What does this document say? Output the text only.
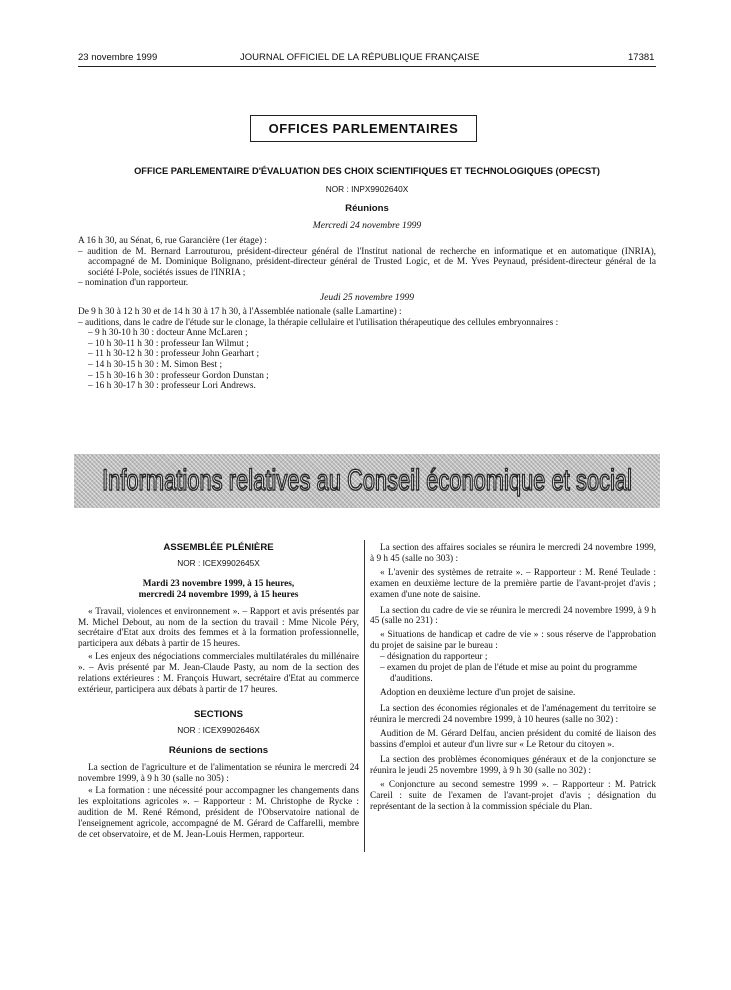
23 novembre 1999	JOURNAL OFFICIEL DE LA RÉPUBLIQUE FRANÇAISE	17381
OFFICES PARLEMENTAIRES
OFFICE PARLEMENTAIRE D'ÉVALUATION DES CHOIX SCIENTIFIQUES ET TECHNOLOGIQUES (OPECST)
NOR : INPX9902640X
Réunions
Mercredi 24 novembre 1999

A 16 h 30, au Sénat, 6, rue Garancière (1er étage) :

– audition de M. Bernard Larrouturou, président-directeur général de l'Institut national de recherche en informatique et en automatique (INRIA), accompagné de M. Dominique Bolignano, président-directeur général de Trusted Logic, et de M. Yves Peynaud, président-directeur général de la société I-Pole, sociétés issues de l'INRIA ;

– nomination d'un rapporteur.

Jeudi 25 novembre 1999

De 9 h 30 à 12 h 30 et de 14 h 30 à 17 h 30, à l'Assemblée nationale (salle Lamartine) :

– auditions, dans le cadre de l'étude sur le clonage, la thérapie cellulaire et l'utilisation thérapeutique des cellules embryonnaires :

– 9 h 30-10 h 30 : docteur Anne McLaren ;

– 10 h 30-11 h 30 : professeur Ian Wilmut ;

– 11 h 30-12 h 30 : professeur John Gearhart ;

– 14 h 30-15 h 30 : M. Simon Best ;

– 15 h 30-16 h 30 : professeur Gordon Dunstan ;

– 16 h 30-17 h 30 : professeur Lori Andrews.

Informations relatives au Conseil économique et social

ASSEMBLÉE PLÉNIÈRE

NOR : ICEX9902645X

Mardi 23 novembre 1999, à 15 heures,

mercredi 24 novembre 1999, à 15 heures

« Travail, violences et environnement ». – Rapport et avis présentés par M. Michel Debout, au nom de la section du travail : Mme Nicole Péry, secrétaire d'Etat aux droits des femmes et à la formation professionnelle, participera aux débats à partir de 15 heures.

« Les enjeux des négociations commerciales multilatérales du millénaire ». – Avis présenté par M. Jean-Claude Pasty, au nom de la section des relations extérieures : M. François Huwart, secrétaire d'Etat au commerce extérieur, participera aux débats à partir de 17 heures.

SECTIONS

NOR : ICEX9902646X

Réunions de sections

La section de l'agriculture et de l'alimentation se réunira le mercredi 24 novembre 1999, à 9 h 30 (salle no 305) :

« La formation : une nécessité pour accompagner les changements dans les exploitations agricoles ». – Rapporteur : M. Christophe de Rycke : audition de M. René Rémond, président de l'Observatoire national de l'enseignement agricole, accompagné de M. Gérard de Caffarelli, membre de cet observatoire, et de M. Jean-Louis Hermen, rapporteur.

La section des affaires sociales se réunira le mercredi 24 novembre 1999, à 9 h 45 (salle no 303) :

« L'avenir des systèmes de retraite ». – Rapporteur : M. René Teulade : examen en deuxième lecture de la première partie de l'avant-projet d'avis ; examen d'une note de saisine.

La section du cadre de vie se réunira le mercredi 24 novembre 1999, à 9 h 45 (salle no 231) :

« Situations de handicap et cadre de vie » : sous réserve de l'approbation du projet de saisine par le bureau :

– désignation du rapporteur ;

– examen du projet de plan de l'étude et mise au point du programme d'auditions.

Adoption en deuxième lecture d'un projet de saisine.

La section des économies régionales et de l'aménagement du territoire se réunira le mercredi 24 novembre 1999, à 10 heures (salle no 302) :

Audition de M. Gérard Delfau, ancien président du comité de liaison des bassins d'emploi et auteur d'un livre sur « Le Retour du citoyen ».

La section des problèmes économiques généraux et de la conjoncture se réunira le jeudi 25 novembre 1999, à 9 h 30 (salle no 302) :

« Conjoncture au second semestre 1999 ». – Rapporteur : M. Patrick Careil : suite de l'examen de l'avant-projet d'avis ; désignation du représentant de la section à la commission spéciale du Plan.
